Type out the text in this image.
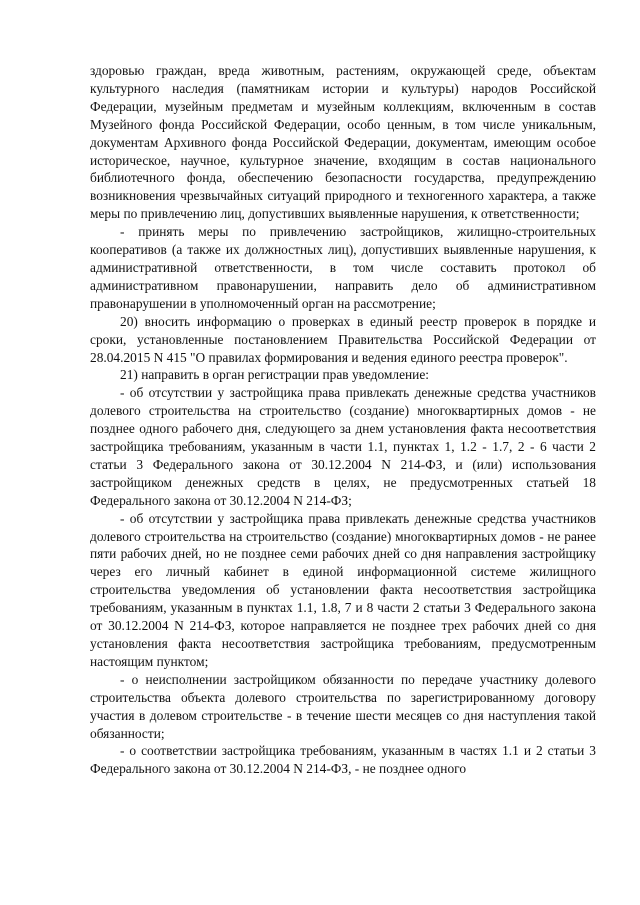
здоровью граждан, вреда животным, растениям, окружающей среде, объектам культурного наследия (памятникам истории и культуры) народов Российской Федерации, музейным предметам и музейным коллекциям, включенным в состав Музейного фонда Российской Федерации, особо ценным, в том числе уникальным, документам Архивного фонда Российской Федерации, документам, имеющим особое историческое, научное, культурное значение, входящим в состав национального библиотечного фонда, обеспечению безопасности государства, предупреждению возникновения чрезвычайных ситуаций природного и техногенного характера, а также меры по привлечению лиц, допустивших выявленные нарушения, к ответственности;

- принять меры по привлечению застройщиков, жилищно-строительных кооперативов (а также их должностных лиц), допустивших выявленные нарушения, к административной ответственности, в том числе составить протокол об административном правонарушении, направить дело об административном правонарушении в уполномоченный орган на рассмотрение;

20) вносить информацию о проверках в единый реестр проверок в порядке и сроки, установленные постановлением Правительства Российской Федерации от 28.04.2015 N 415 "О правилах формирования и ведения единого реестра проверок".

21) направить в орган регистрации прав уведомление:

- об отсутствии у застройщика права привлекать денежные средства участников долевого строительства на строительство (создание) многоквартирных домов - не позднее одного рабочего дня, следующего за днем установления факта несоответствия застройщика требованиям, указанным в части 1.1, пунктах 1, 1.2 - 1.7, 2 - 6 части 2 статьи 3 Федерального закона от 30.12.2004 N 214-ФЗ, и (или) использования застройщиком денежных средств в целях, не предусмотренных статьей 18 Федерального закона от 30.12.2004 N 214-ФЗ;

- об отсутствии у застройщика права привлекать денежные средства участников долевого строительства на строительство (создание) многоквартирных домов - не ранее пяти рабочих дней, но не позднее семи рабочих дней со дня направления застройщику через его личный кабинет в единой информационной системе жилищного строительства уведомления об установлении факта несоответствия застройщика требованиям, указанным в пунктах 1.1, 1.8, 7 и 8 части 2 статьи 3 Федерального закона от 30.12.2004 N 214-ФЗ, которое направляется не позднее трех рабочих дней со дня установления факта несоответствия застройщика требованиям, предусмотренным настоящим пунктом;

- о неисполнении застройщиком обязанности по передаче участнику долевого строительства объекта долевого строительства по зарегистрированному договору участия в долевом строительстве - в течение шести месяцев со дня наступления такой обязанности;

- о соответствии застройщика требованиям, указанным в частях 1.1 и 2 статьи 3 Федерального закона от 30.12.2004 N 214-ФЗ, - не позднее одного
